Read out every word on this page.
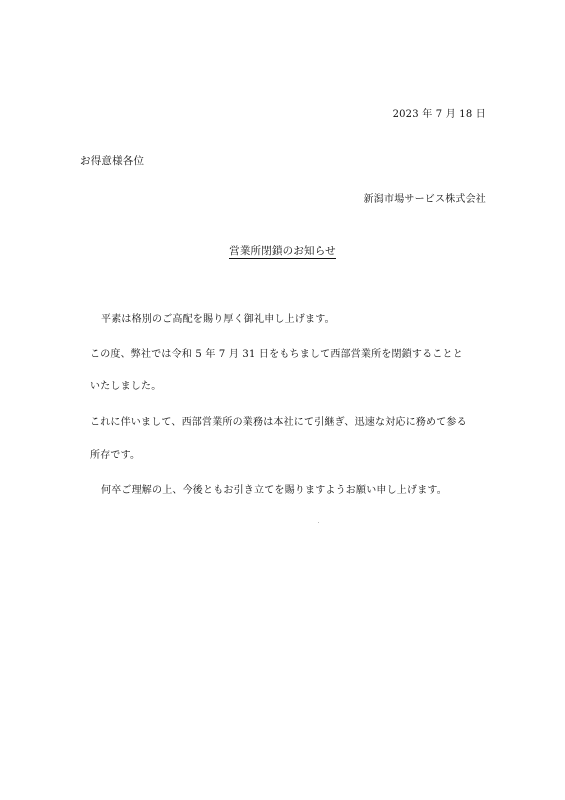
2023 年 7 月 18 日
お得意様各位
新潟市場サービス株式会社
営業所閉鎖のお知らせ
平素は格別のご高配を賜り厚く御礼申し上げます。
この度、弊社では令和 5 年 7 月 31 日をもちまして西部営業所を閉鎖することと
いたしました。
これに伴いまして、西部営業所の業務は本社にて引継ぎ、迅速な対応に務めて参る
所存です。
何卒ご理解の上、今後ともお引き立てを賜りますようお願い申し上げます。
